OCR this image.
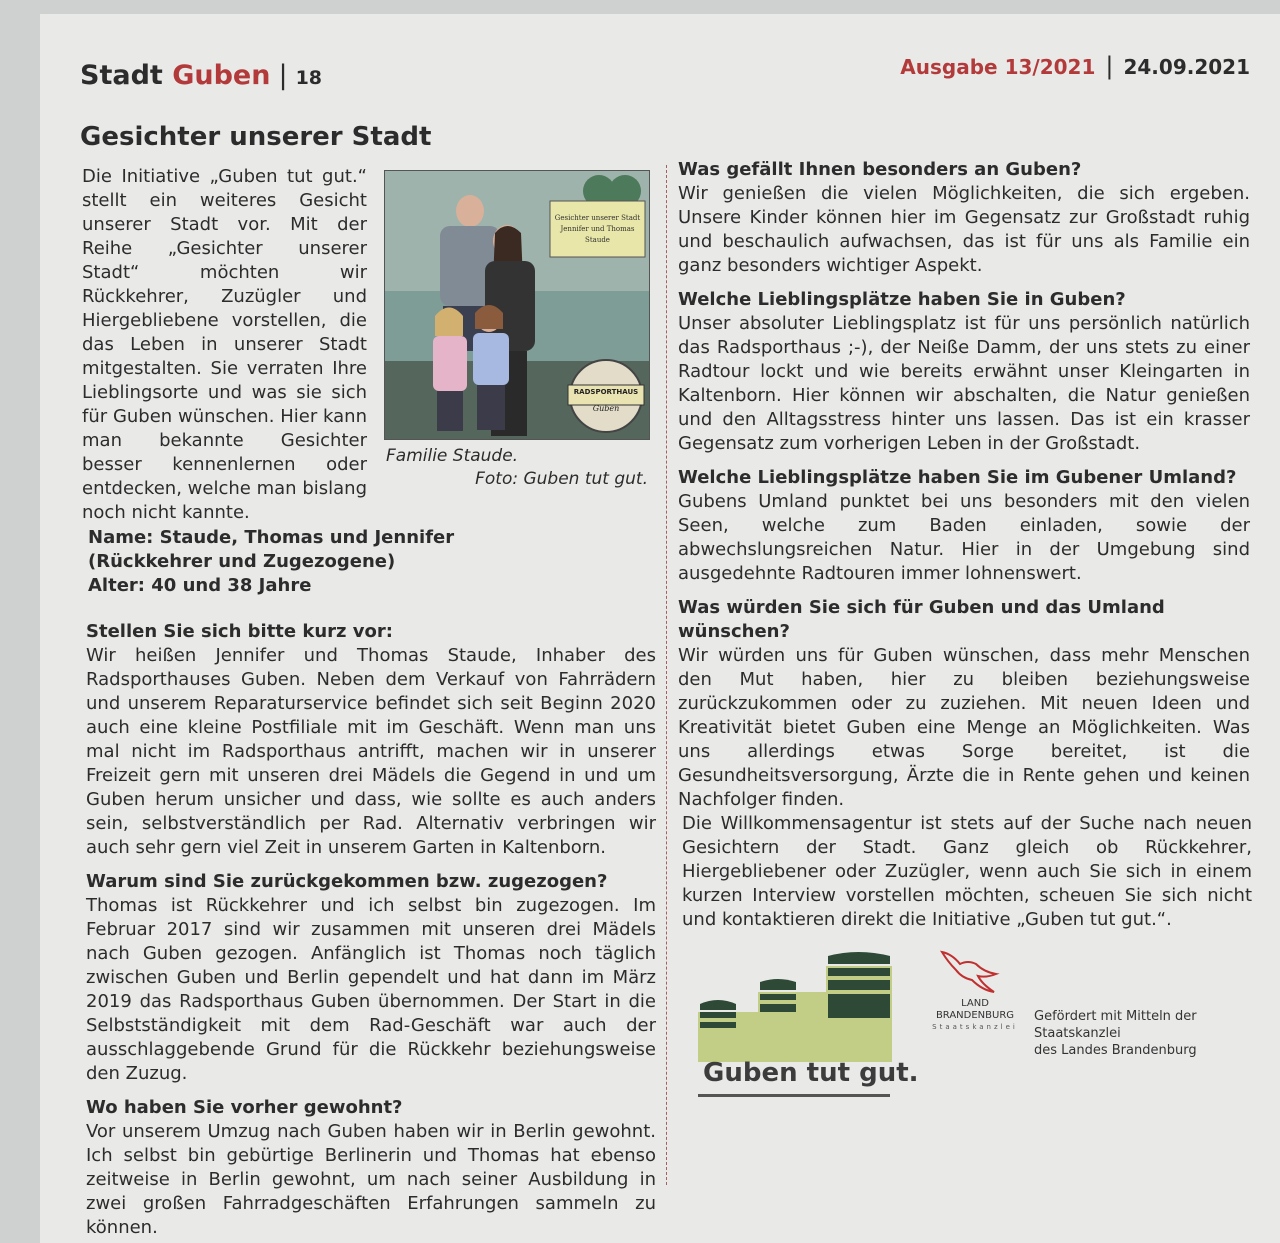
Stadt Guben | 18	Ausgabe 13/2021 | 24.09.2021
Gesichter unserer Stadt
Die Initiative „Guben tut gut.“ stellt ein weiteres Gesicht unserer Stadt vor. Mit der Reihe „Gesichter unserer Stadt“ möchten wir Rückkehrer, Zuzügler und Hiergebliebene vorstellen, die das Leben in unserer Stadt mitgestalten. Sie verraten Ihre Lieblingsorte und was sie sich für Guben wünschen. Hier kann man bekannte Gesichter besser kennenlernen oder entdecken, welche man bislang noch nicht kannte.
Gesichter unserer Stadt
Jennifer und Thomas
Staude
RADSPORTHAUS
Guben
Familie Staude.
Foto: Guben tut gut.
Name: Staude, Thomas und Jennifer
(Rückkehrer und Zugezogene)
Alter: 40 und 38 Jahre
Stellen Sie sich bitte kurz vor:
Wir heißen Jennifer und Thomas Staude, Inhaber des Radsporthauses Guben. Neben dem Verkauf von Fahrrädern und unserem Reparaturservice befindet sich seit Beginn 2020 auch eine kleine Postfiliale mit im Geschäft. Wenn man uns mal nicht im Radsporthaus antrifft, machen wir in unserer Freizeit gern mit unseren drei Mädels die Gegend in und um Guben herum unsicher und dass, wie sollte es auch anders sein, selbstverständlich per Rad. Alternativ verbringen wir auch sehr gern viel Zeit in unserem Garten in Kaltenborn.
Warum sind Sie zurückgekommen bzw. zugezogen?
Thomas ist Rückkehrer und ich selbst bin zugezogen. Im Februar 2017 sind wir zusammen mit unseren drei Mädels nach Guben gezogen. Anfänglich ist Thomas noch täglich zwischen Guben und Berlin gependelt und hat dann im März 2019 das Radsporthaus Guben übernommen. Der Start in die Selbstständigkeit mit dem Rad-Geschäft war auch der ausschlaggebende Grund für die Rückkehr beziehungsweise den Zuzug.
Wo haben Sie vorher gewohnt?
Vor unserem Umzug nach Guben haben wir in Berlin gewohnt. Ich selbst bin gebürtige Berlinerin und Thomas hat ebenso zeitweise in Berlin gewohnt, um nach seiner Ausbildung in zwei großen Fahrradgeschäften Erfahrungen sammeln zu können.
Was gefällt Ihnen besonders an Guben?
Wir genießen die vielen Möglichkeiten, die sich ergeben. Unsere Kinder können hier im Gegensatz zur Großstadt ruhig und beschaulich aufwachsen, das ist für uns als Familie ein ganz besonders wichtiger Aspekt.
Welche Lieblingsplätze haben Sie in Guben?
Unser absoluter Lieblingsplatz ist für uns persönlich natürlich das Radsporthaus ;-), der Neiße Damm, der uns stets zu einer Radtour lockt und wie bereits erwähnt unser Kleingarten in Kaltenborn. Hier können wir abschalten, die Natur genießen und den Alltagsstress hinter uns lassen. Das ist ein krasser Gegensatz zum vorherigen Leben in der Großstadt.
Welche Lieblingsplätze haben Sie im Gubener Umland?
Gubens Umland punktet bei uns besonders mit den vielen Seen, welche zum Baden einladen, sowie der abwechslungsreichen Natur. Hier in der Umgebung sind ausgedehnte Radtouren immer lohnenswert.
Was würden Sie sich für Guben und das Umland wünschen?
Wir würden uns für Guben wünschen, dass mehr Menschen den Mut haben, hier zu bleiben beziehungsweise zurückzukommen oder zu zuziehen. Mit neuen Ideen und Kreativität bietet Guben eine Menge an Möglichkeiten. Was uns allerdings etwas Sorge bereitet, ist die Gesundheitsversorgung, Ärzte die in Rente gehen und keinen Nachfolger finden.
Die Willkommensagentur ist stets auf der Suche nach neuen Gesichtern der Stadt. Ganz gleich ob Rückkehrer, Hiergebliebener oder Zuzügler, wenn auch Sie sich in einem kurzen Interview vorstellen möchten, scheuen Sie sich nicht und kontaktieren direkt die Initiative „Guben tut gut.“.
Guben tut gut.
LAND
BRANDENBURG
Staatskanzlei
Gefördert mit Mitteln der Staatskanzlei
des Landes Brandenburg
